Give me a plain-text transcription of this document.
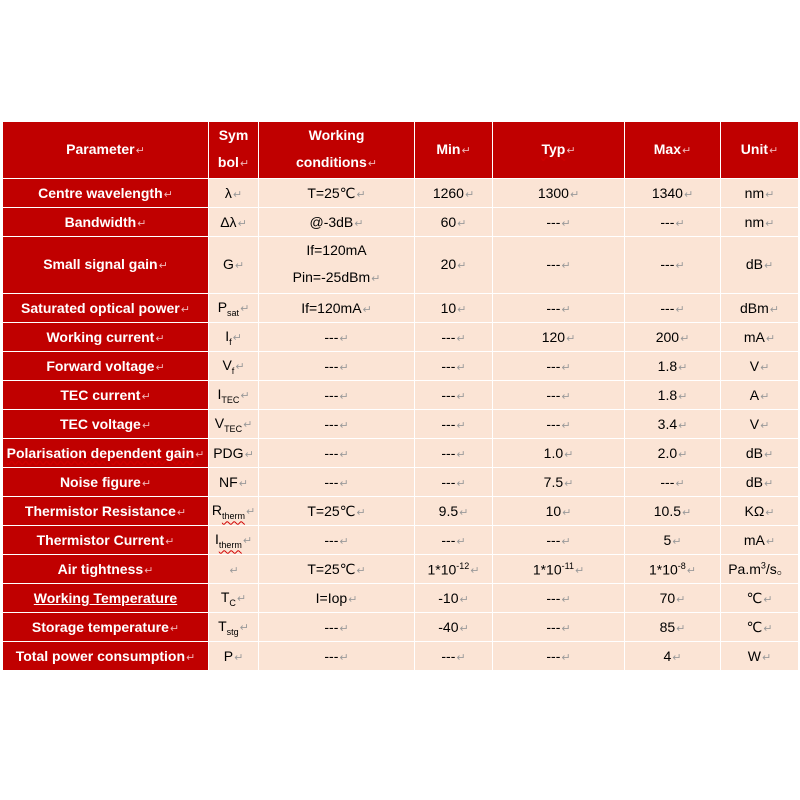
Parameter↵	Sym
bol↵	Working
conditions↵	Min↵	Typ↵	Max↵	Unit↵
Centre wavelength↵	λ↵	T=25℃↵	1260↵	1300↵	1340↵	nm↵
Bandwidth↵	Δλ↵	@-3dB↵	60↵	---↵	---↵	nm↵
Small signal gain↵	G↵	If=120mA
Pin=-25dBm↵	20↵	---↵	---↵	dB↵
Saturated optical power↵	$P_{sat}↵$	If=120mA↵	10↵	---↵	---↵	dBm↵
Working current↵	$I_f↵$	---↵	---↵	120↵	200↵	mA↵
Forward voltage↵	$V_f↵$	---↵	---↵	---↵	1.8↵	V↵
TEC current↵	$I_{TEC}↵$	---↵	---↵	---↵	1.8↵	A↵
TEC voltage↵	$V_{TEC}↵$	---↵	---↵	---↵	3.4↵	V↵
Polarisation dependent gain↵	PDG↵	---↵	---↵	1.0↵	2.0↵	dB↵
Noise figure↵	NF↵	---↵	---↵	7.5↵	---↵	dB↵
Thermistor Resistance↵	$R_{therm}↵$	T=25℃↵	9.5↵	10↵	10.5↵	KΩ↵
Thermistor Current↵	$I_{therm}↵$	---↵	---↵	---↵	5↵	mA↵
Air tightness↵	↵	T=25℃↵	$1*10^{-12}↵$	$1*10^{-11}↵$	$1*10^{-8}↵$	$Pa.m^3/s$。
Working Temperature	$T_C↵$	I=Iop↵	-10↵	---↵	70↵	℃↵
Storage temperature↵	$T_{stg}↵$	---↵	-40↵	---↵	85↵	℃↵
Total power consumption↵	P↵	---↵	---↵	---↵	4↵	W↵
